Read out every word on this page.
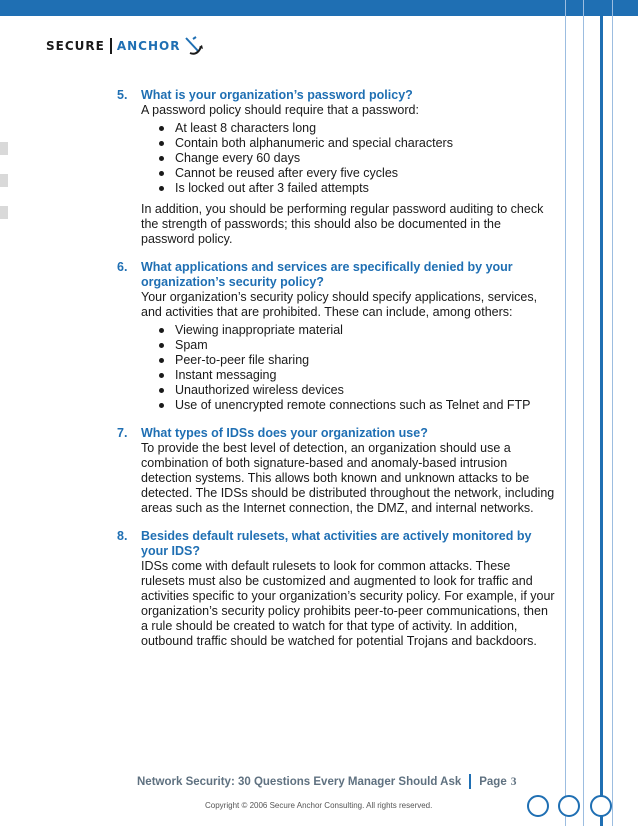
SECURE ANCHOR
5.	What is your organization’s password policy?

A password policy should require that a password:

At least 8 characters long
Contain both alphanumeric and special characters
Change every 60 days
Cannot be reused after every five cycles
Is locked out after 3 failed attempts

In addition, you should be performing regular password auditing to check the strength of passwords; this should also be documented in the password policy.

6.	What applications and services are specifically denied by your organization’s security policy?

Your organization’s security policy should specify applications, services, and activities that are prohibited. These can include, among others:

Viewing inappropriate material
Spam
Peer-to-peer file sharing
Instant messaging
Unauthorized wireless devices
Use of unencrypted remote connections such as Telnet and FTP
7.	What types of IDSs does your organization use?

To provide the best level of detection, an organization should use a combination of both signature-based and anomaly-based intrusion detection systems. This allows both known and unknown attacks to be detected. The IDSs should be distributed throughout the network, including areas such as the Internet connection, the DMZ, and internal networks.

8.	Besides default rulesets, what activities are actively monitored by your IDS?

IDSs come with default rulesets to look for common attacks. These rulesets must also be customized and augmented to look for traffic and activities specific to your organization’s security policy. For example, if your organization’s security policy prohibits peer-to-peer communications, then a rule should be created to watch for that type of activity. In addition, outbound traffic should be watched for potential Trojans and backdoors.

Network Security: 30 Questions Every Manager Should Ask Page 3
Copyright © 2006 Secure Anchor Consulting. All rights reserved.
